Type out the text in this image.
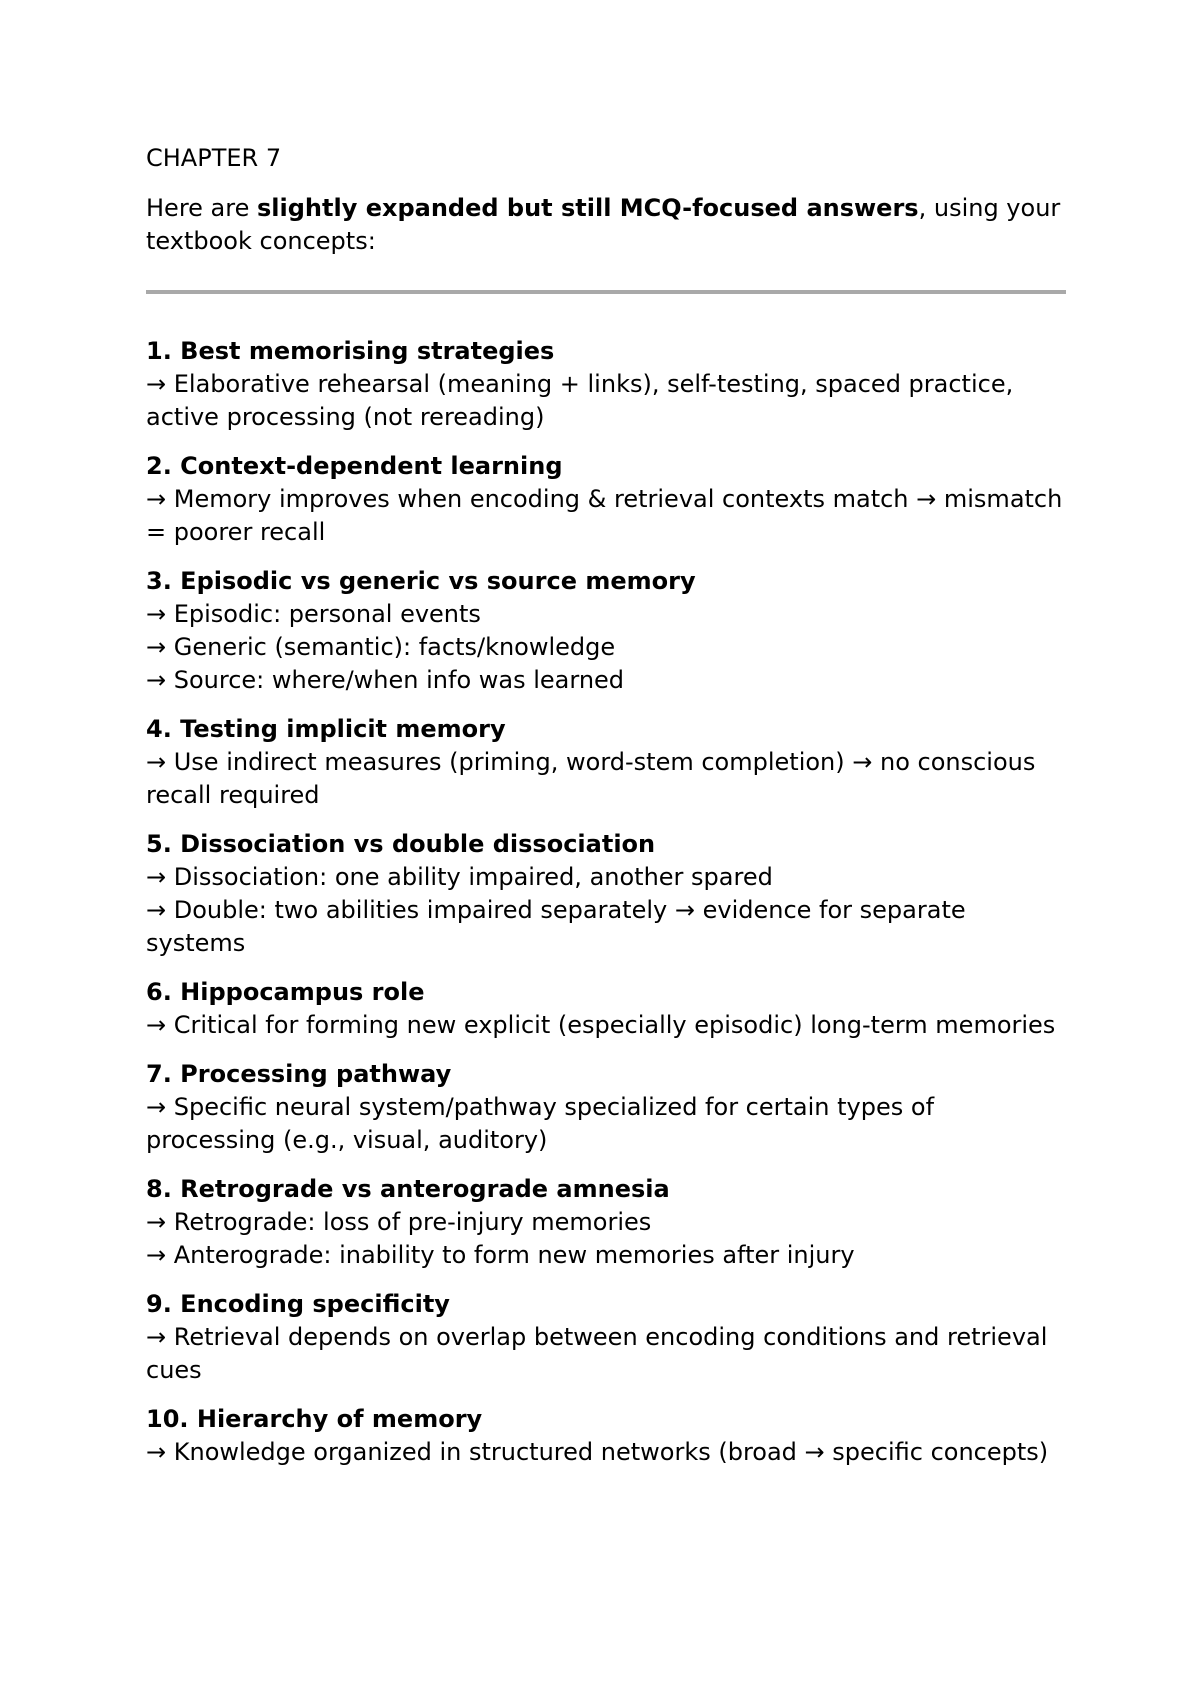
CHAPTER 7

Here are slightly expanded but still MCQ-focused answers, using your textbook concepts:

1. Best memorising strategies
→ Elaborative rehearsal (meaning + links), self-testing, spaced practice, active processing (not rereading)
2. Context-dependent learning
→ Memory improves when encoding & retrieval contexts match → mismatch = poorer recall
3. Episodic vs generic vs source memory
→ Episodic: personal events
→ Generic (semantic): facts/knowledge
→ Source: where/when info was learned
4. Testing implicit memory
→ Use indirect measures (priming, word-stem completion) → no conscious recall required
5. Dissociation vs double dissociation
→ Dissociation: one ability impaired, another spared
→ Double: two abilities impaired separately → evidence for separate systems
6. Hippocampus role
→ Critical for forming new explicit (especially episodic) long-term memories
7. Processing pathway
→ Specific neural system/pathway specialized for certain types of processing (e.g., visual, auditory)
8. Retrograde vs anterograde amnesia
→ Retrograde: loss of pre-injury memories
→ Anterograde: inability to form new memories after injury
9. Encoding specificity
→ Retrieval depends on overlap between encoding conditions and retrieval cues
10. Hierarchy of memory
→ Knowledge organized in structured networks (broad → specific concepts)
